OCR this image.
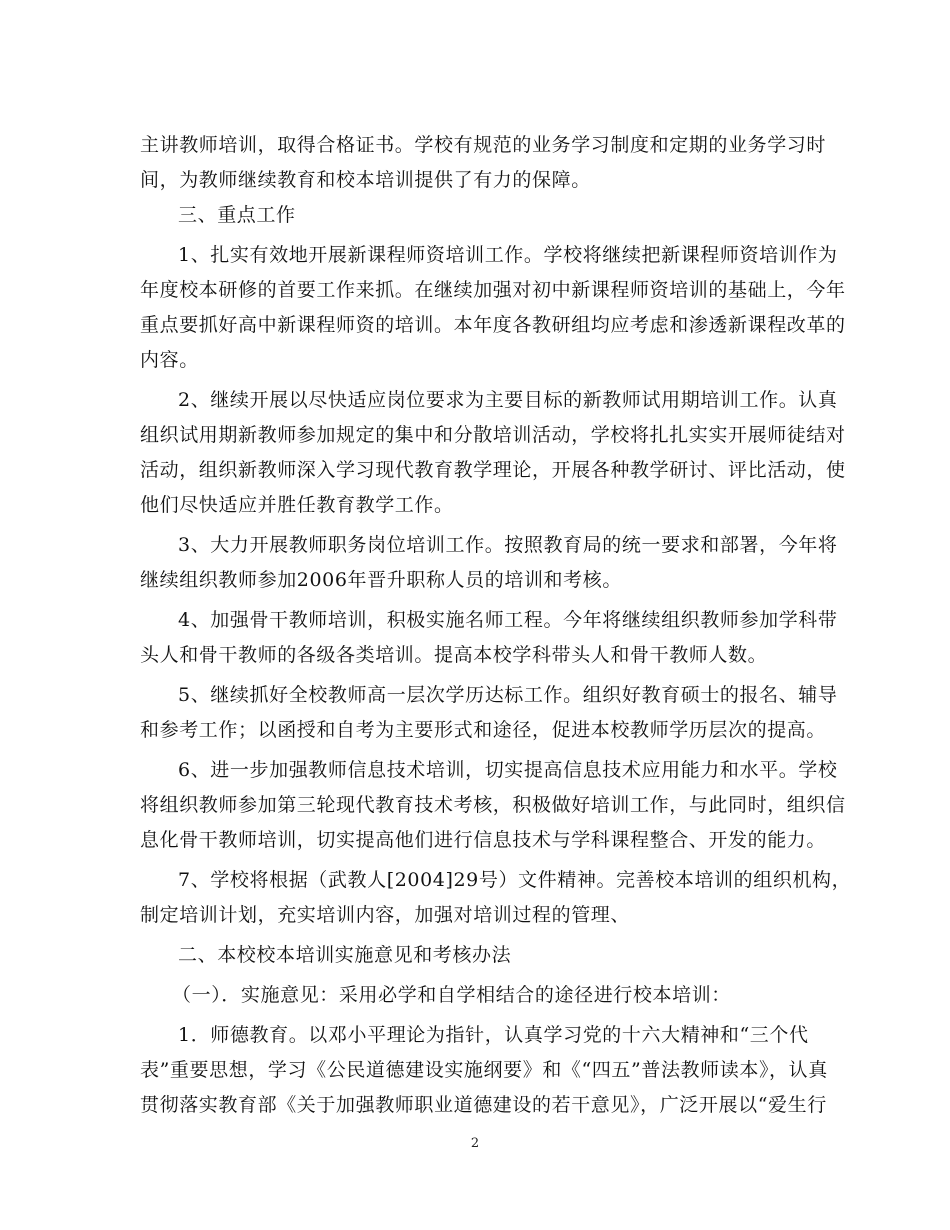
主讲教师培训，取得合格证书。学校有规范的业务学习制度和定期的业务学习时
间，为教师继续教育和校本培训提供了有力的保障。
三、重点工作
1、扎实有效地开展新课程师资培训工作。学校将继续把新课程师资培训作为
年度校本研修的首要工作来抓。在继续加强对初中新课程师资培训的基础上，今年
重点要抓好高中新课程师资的培训。本年度各教研组均应考虑和渗透新课程改革的
内容。
2、继续开展以尽快适应岗位要求为主要目标的新教师试用期培训工作。认真
组织试用期新教师参加规定的集中和分散培训活动，学校将扎扎实实开展师徒结对
活动，组织新教师深入学习现代教育教学理论，开展各种教学研讨、评比活动，使
他们尽快适应并胜任教育教学工作。
3、大力开展教师职务岗位培训工作。按照教育局的统一要求和部署，今年将
继续组织教师参加2006年晋升职称人员的培训和考核。
4、加强骨干教师培训，积极实施名师工程。今年将继续组织教师参加学科带
头人和骨干教师的各级各类培训。提高本校学科带头人和骨干教师人数。
5、继续抓好全校教师高一层次学历达标工作。组织好教育硕士的报名、辅导
和参考工作；以函授和自考为主要形式和途径，促进本校教师学历层次的提高。
6、进一步加强教师信息技术培训，切实提高信息技术应用能力和水平。学校
将组织教师参加第三轮现代教育技术考核，积极做好培训工作，与此同时，组织信
息化骨干教师培训，切实提高他们进行信息技术与学科课程整合、开发的能力。
7、学校将根据（武教人[2004]29号）文件精神。完善校本培训的组织机构，
制定培训计划，充实培训内容，加强对培训过程的管理、
二、本校校本培训实施意见和考核办法
（一）．实施意见：采用必学和自学相结合的途径进行校本培训：
1．师德教育。以邓小平理论为指针，认真学习党的十六大精神和“三个代
表”重要思想，学习《公民道德建设实施纲要》和《“四五”普法教师读本》，认真
贯彻落实教育部《关于加强教师职业道德建设的若干意见》，广泛开展以“爱生行
2
